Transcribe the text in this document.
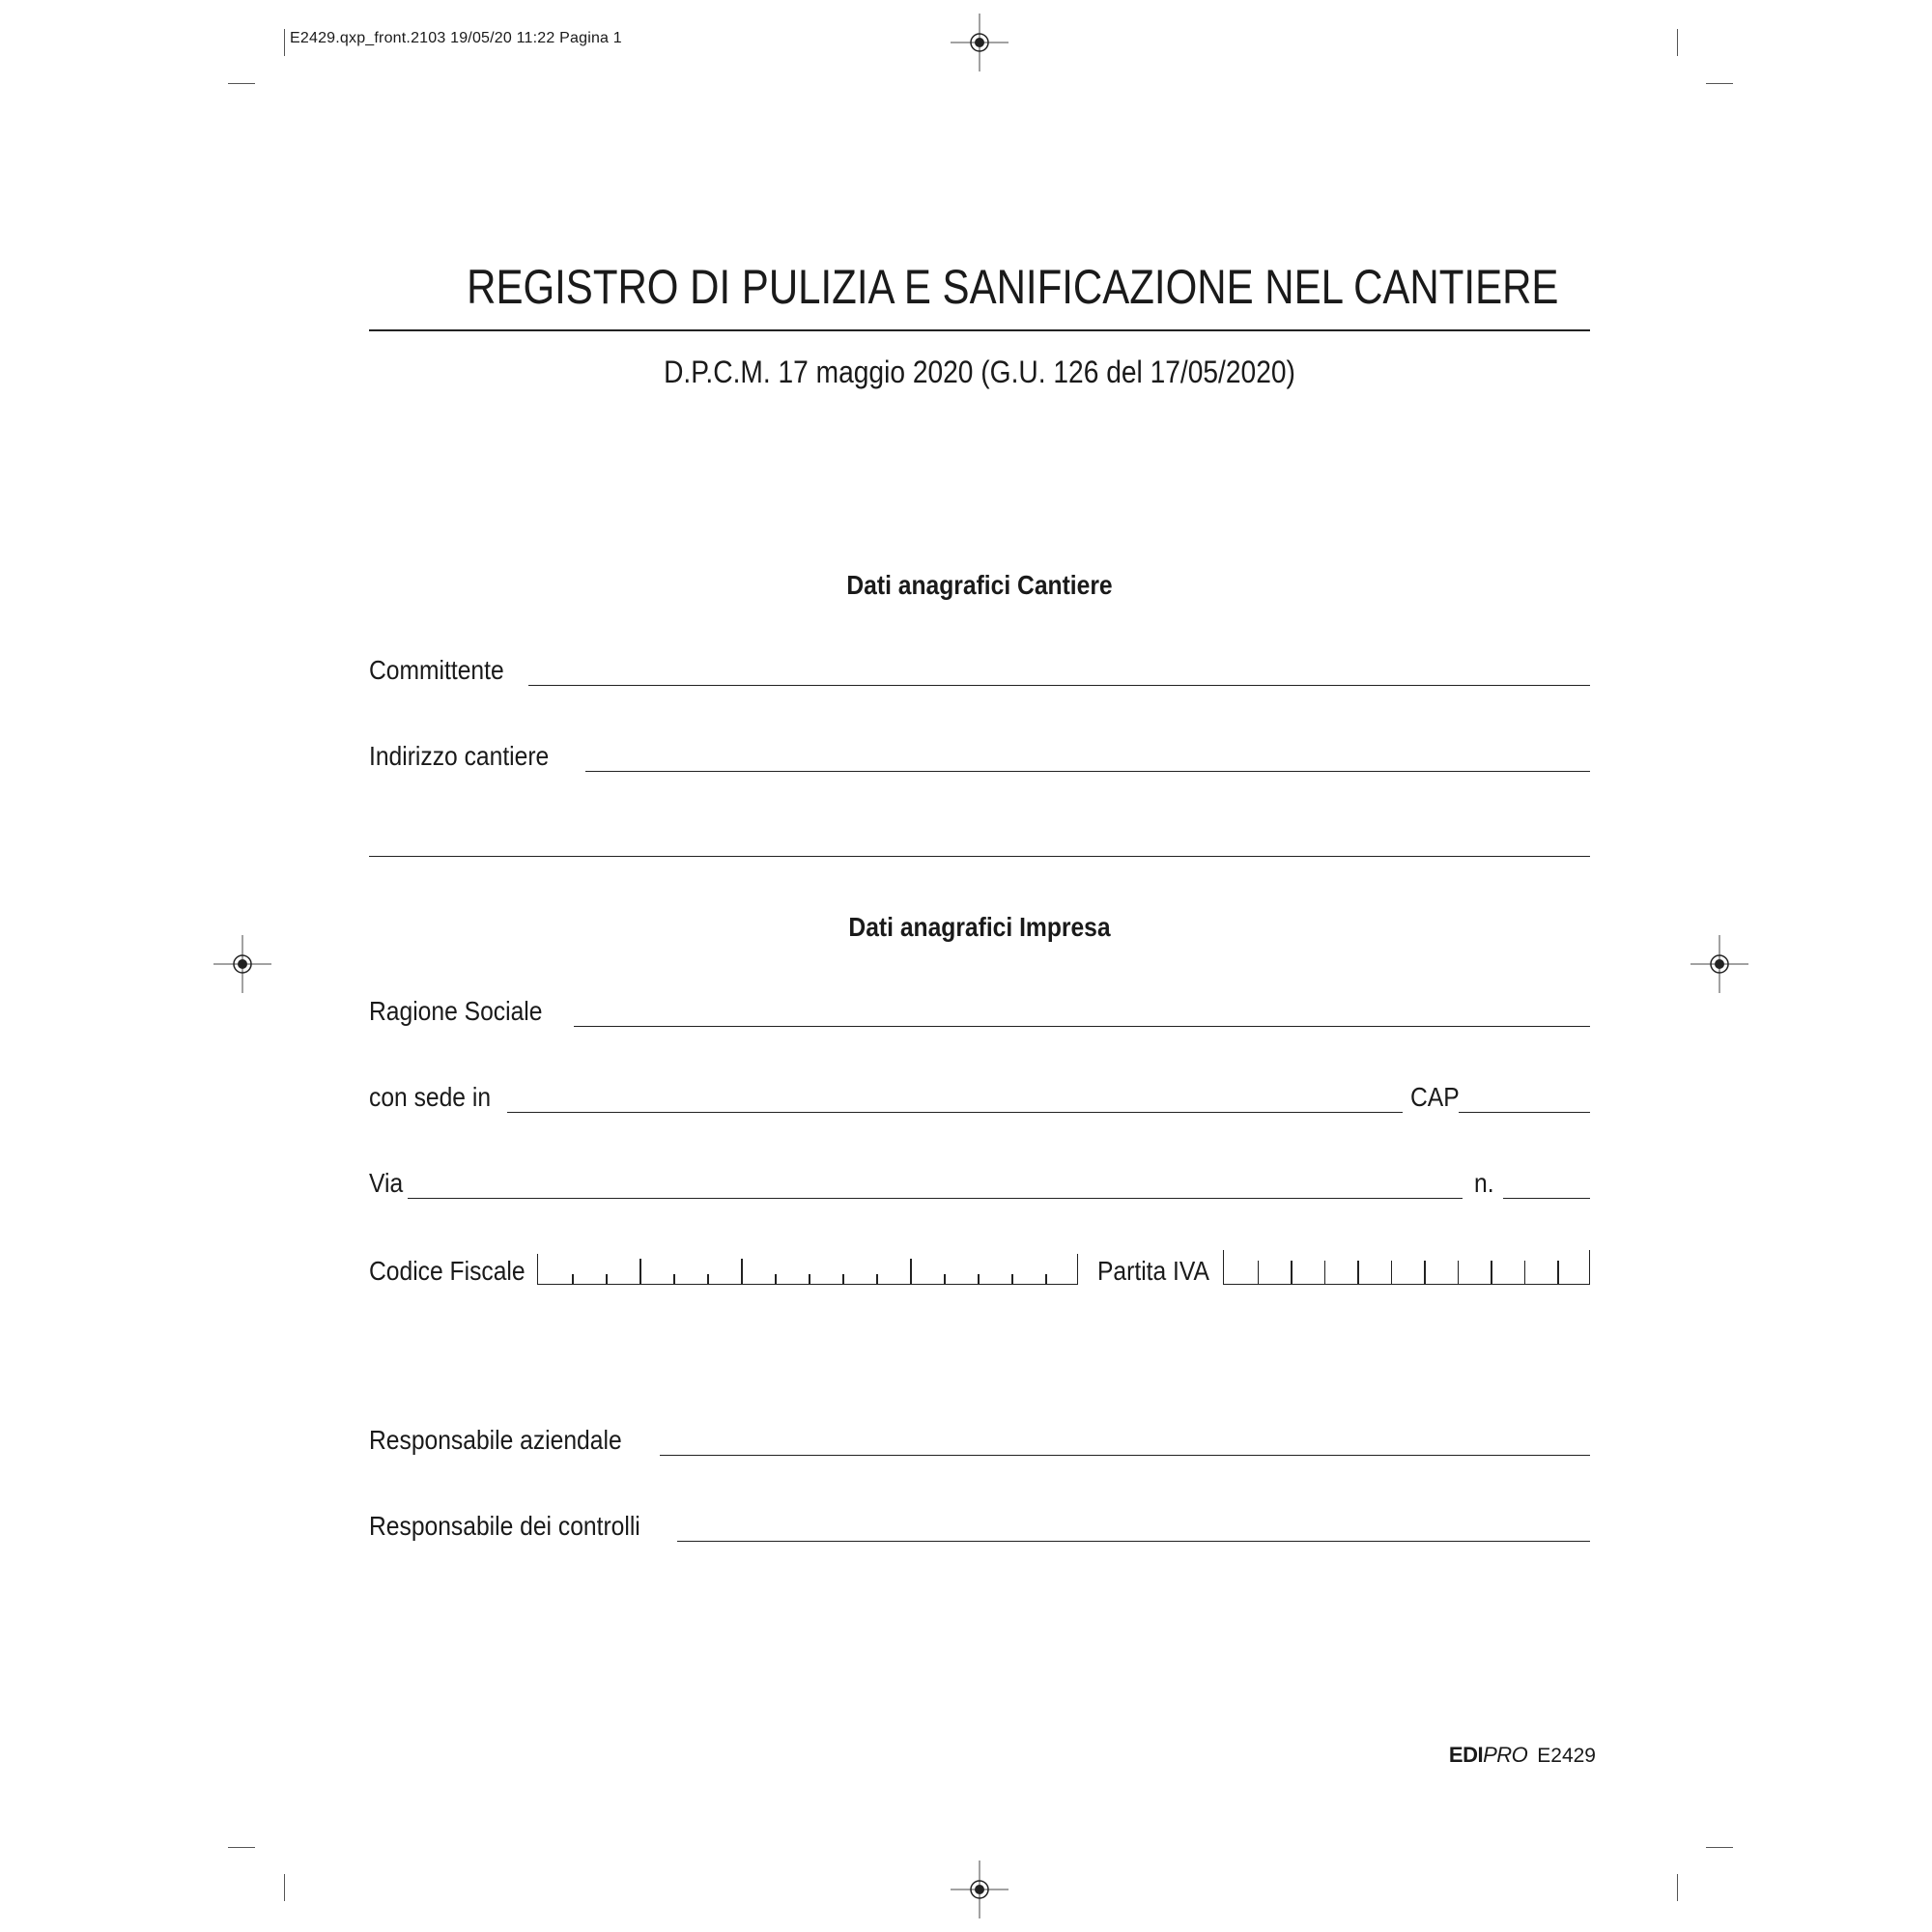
E2429.qxp_front.2103 19/05/20 11:22 Pagina 1
REGISTRO DI PULIZIA E SANIFICAZIONE NEL CANTIERE
D.P.C.M. 17 maggio 2020 (G.U. 126 del 17/05/2020)
Dati anagrafici Cantiere
Committente
Indirizzo cantiere
Dati anagrafici Impresa
Ragione Sociale
con sede in	CAP
Via	n.
Codice Fiscale	Partita IVA
Responsabile aziendale
Responsabile dei controlli
EDIPRO E2429
